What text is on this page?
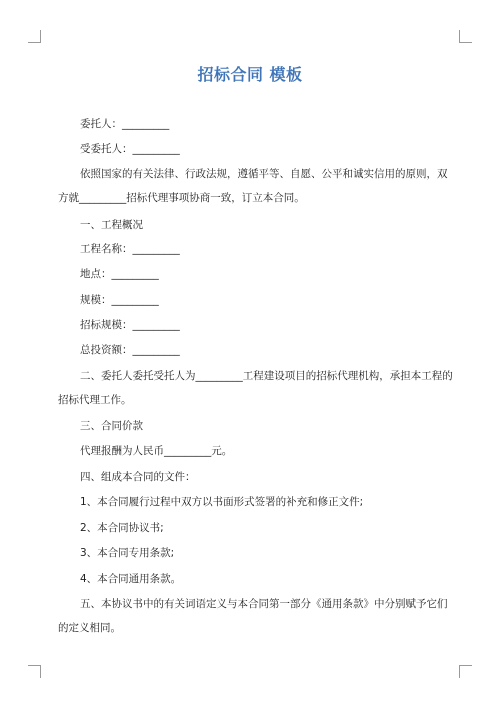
招标合同 模板
委托人：_________
受委托人：_________
依照国家的有关法律、行政法规，遵循平等、自愿、公平和诚实信用的原则，双
方就_________招标代理事项协商一致，订立本合同。
一、工程概况
工程名称：_________
地点：_________
规模：_________
招标规模：_________
总投资额：_________
二、委托人委托受托人为_________工程建设项目的招标代理机构，承担本工程的
招标代理工作。
三、合同价款
代理报酬为人民币_________元。
四、组成本合同的文件：
1、本合同履行过程中双方以书面形式签署的补充和修正文件;
2、本合同协议书;
3、本合同专用条款;
4、本合同通用条款。
五、本协议书中的有关词语定义与本合同第一部分《通用条款》中分别赋予它们
的定义相同。
